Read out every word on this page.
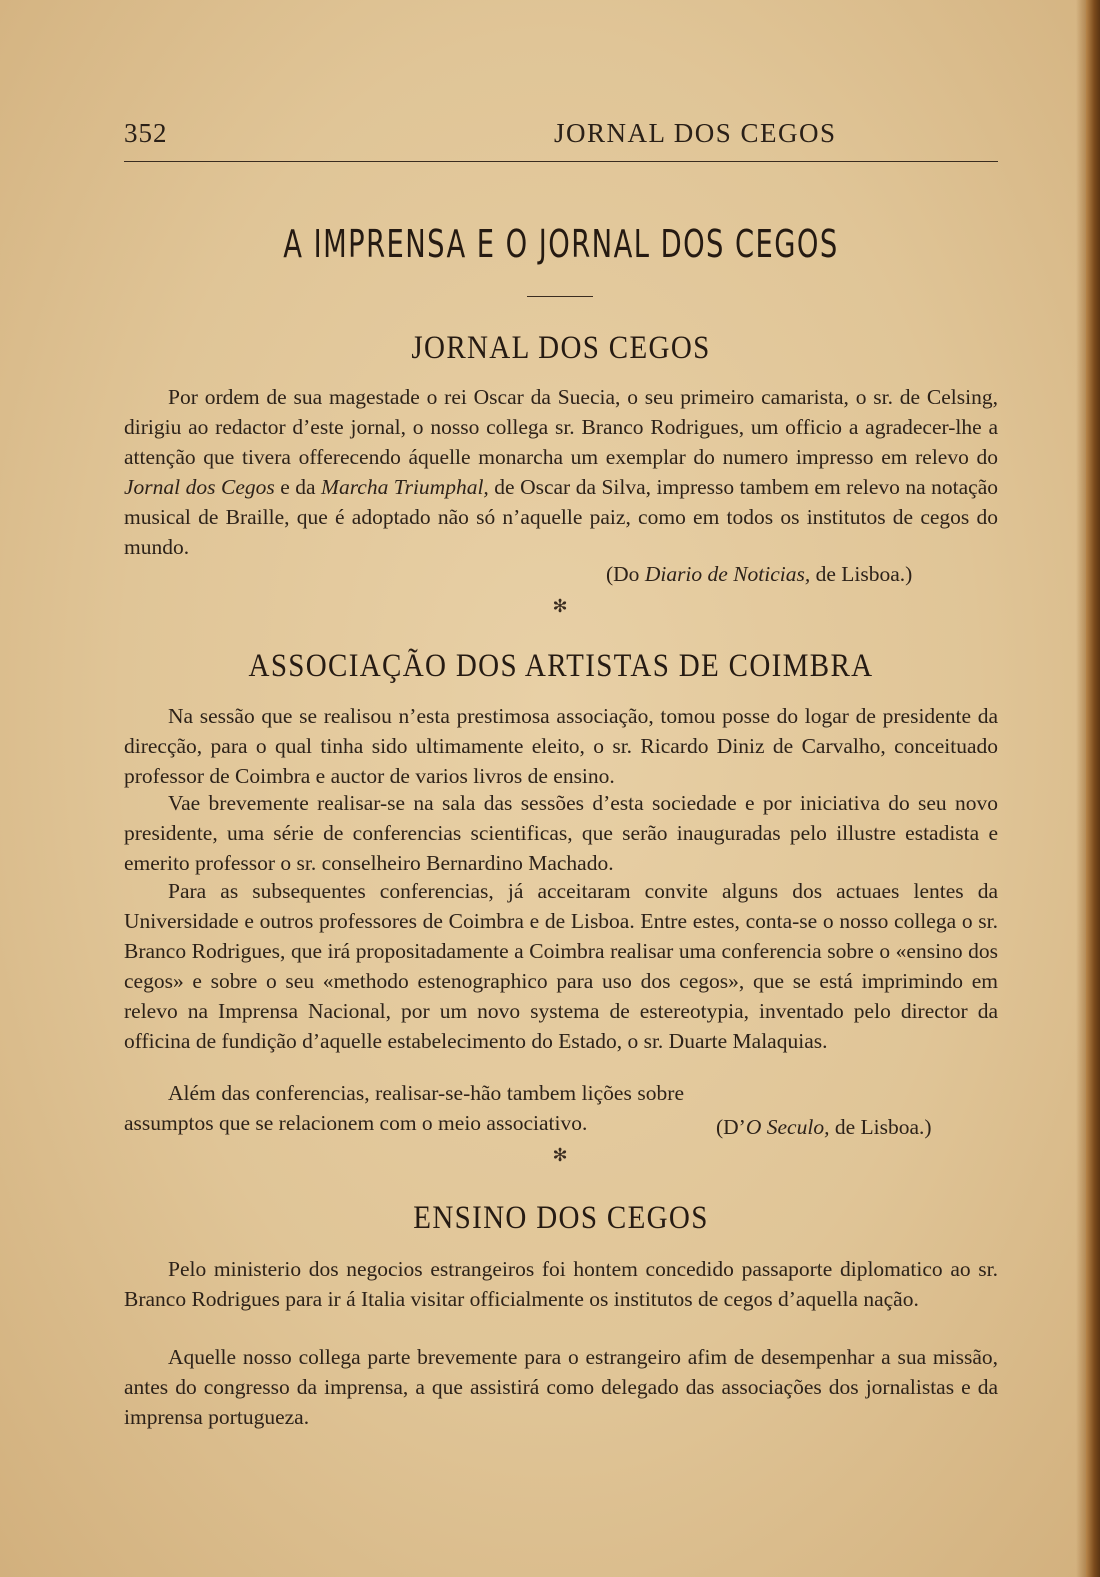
352	JORNAL DOS CEGOS
A IMPRENSA E O JORNAL DOS CEGOS
JORNAL DOS CEGOS
Por ordem de sua magestade o rei Oscar da Suecia, o seu primeiro camarista, o sr. de Celsing, dirigiu ao redactor d’este jornal, o nosso collega sr. Branco Rodrigues, um officio a agradecer-lhe a attenção que tivera offerecendo áquelle monarcha um exemplar do numero impresso em relevo do Jornal dos Cegos e da Marcha Triumphal, de Oscar da Silva, impresso tambem em relevo na notação musical de Braille, que é adoptado não só n’aquelle paiz, como em todos os institutos de cegos do mundo.
(Do Diario de Noticias, de Lisboa.)
✻
ASSOCIAÇÃO DOS ARTISTAS DE COIMBRA
Na sessão que se realisou n’esta prestimosa associação, tomou posse do logar de presidente da direcção, para o qual tinha sido ultimamente eleito, o sr. Ricardo Diniz de Carvalho, conceituado professor de Coimbra e auctor de varios livros de ensino.
Vae brevemente realisar-se na sala das sessões d’esta sociedade e por iniciativa do seu novo presidente, uma série de conferencias scientificas, que serão inauguradas pelo illustre estadista e emerito professor o sr. conselheiro Bernardino Machado.
Para as subsequentes conferencias, já acceitaram convite alguns dos actuaes lentes da Universidade e outros professores de Coimbra e de Lisboa. Entre estes, conta-se o nosso collega o sr. Branco Rodrigues, que irá propositadamente a Coimbra realisar uma conferencia sobre o «ensino dos cegos» e sobre o seu «methodo estenographico para uso dos cegos», que se está imprimindo em relevo na Imprensa Nacional, por um novo systema de estereotypia, inventado pelo director da officina de fundição d’aquelle estabelecimento do Estado, o sr. Duarte Malaquias.
Além das conferencias, realisar-se-hão tambem lições sobre assumptos que se relacionem com o meio associativo.	(D’O Seculo, de Lisboa.)
✻
ENSINO DOS CEGOS
Pelo ministerio dos negocios estrangeiros foi hontem concedido passaporte diplomatico ao sr. Branco Rodrigues para ir á Italia visitar officialmente os institutos de cegos d’aquella nação.
Aquelle nosso collega parte brevemente para o estrangeiro afim de desempenhar a sua missão, antes do congresso da imprensa, a que assistirá como delegado das associações dos jornalistas e da imprensa portugueza.
